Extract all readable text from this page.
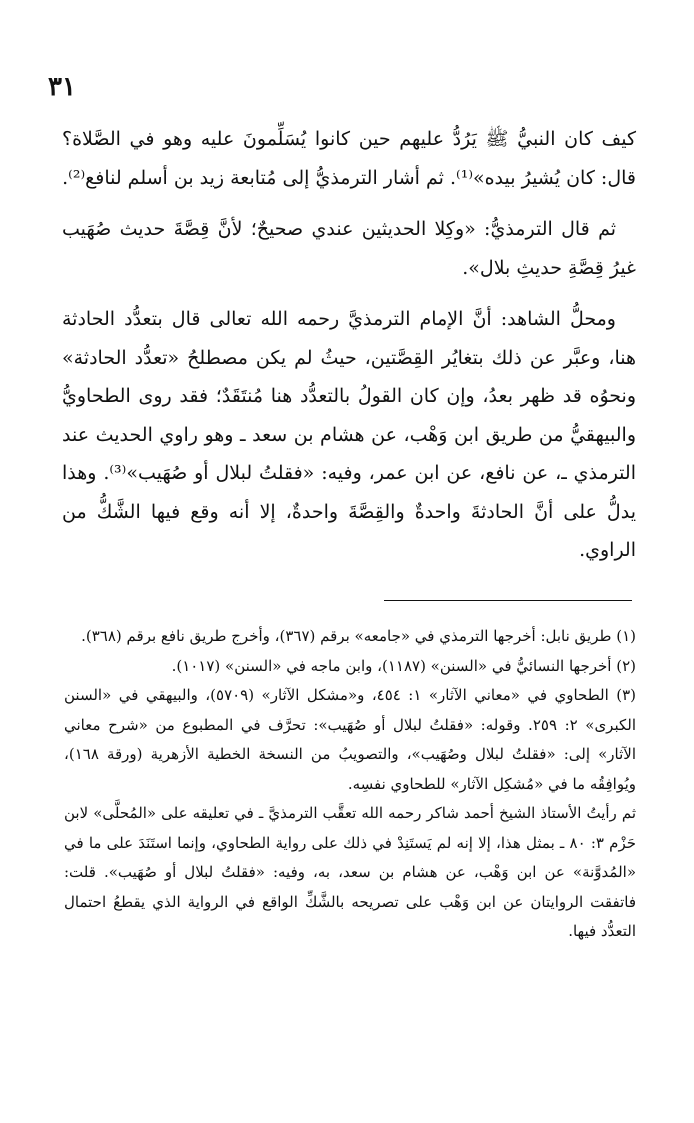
٣١

كيف كان النبيُّ ﷺ يَرُدُّ عليهم حين كانوا يُسَلِّمونَ عليه وهو في الصَّلاة؟ قال: كان يُشيرُ بيده»⁽¹⁾. ثم أشار الترمذيُّ إلى مُتابعة زيد بن أسلم لنافع⁽²⁾.

ثم قال الترمذيُّ: «وكِلا الحديثين عندي صحيحٌ؛ لأنَّ قِصَّةَ حديث صُهَيب غيرُ قِصَّةِ حديثِ بلال».

ومحلُّ الشاهد: أنَّ الإمام الترمذيَّ رحمه الله تعالى قال بتعدُّد الحادثة هنا، وعبَّر عن ذلك بتغايُر القِصَّتين، حيثُ لم يكن مصطلحُ «تعدُّد الحادثة» ونحوُه قد ظهر بعدُ، وإن كان القولُ بالتعدُّد هنا مُنتَقَدٌ؛ فقد روى الطحاويُّ والبيهقيُّ من طريق ابن وَهْب، عن هشام بن سعد ـ وهو راوي الحديث عند الترمذي ـ، عن نافع، عن ابن عمر، وفيه: «فقلتُ لبلال أو صُهَيب»⁽³⁾. وهذا يدلُّ على أنَّ الحادثةَ واحدةٌ والقِصَّةَ واحدةٌ، إلا أنه وقع فيها الشَّكُّ من الراوي.

(١) طريق نابل: أخرجها الترمذي في «جامعه» برقم (٣٦٧)، وأخرج طريق نافع برقم (٣٦٨).

(٢) أخرجها النسائيُّ في «السنن» (١١٨٧)، وابن ماجه في «السنن» (١٠١٧).

(٣) الطحاوي في «معاني الآثار» ١: ٤٥٤، و«مشكل الآثار» (٥٧٠٩)، والبيهقي في «السنن الكبرى» ٢: ٢٥٩. وقوله: «فقلتُ لبلال أو صُهَيب»: تحرَّف في المطبوع من «شرح معاني الآثار» إلى: «فقلتُ لبلال وصُهَيب»، والتصويبُ من النسخة الخطية الأزهرية (ورقة ١٦٨)، ويُوافِقُه ما في «مُشكِل الآثار» للطحاوي نفسِه.

ثم رأيتُ الأستاذ الشيخ أحمد شاكر رحمه الله تعقَّب الترمذيَّ ـ في تعليقه على «المُحلَّى» لابن حَزْم ٣: ٨٠ ـ بمثل هذا، إلا إنه لم يَستَنِدْ في ذلك على رواية الطحاوي، وإنما استَنَدَ على ما في «المُدوَّنة» عن ابن وَهْب، عن هشام بن سعد، به، وفيه: «فقلتُ لبلال أو صُهَيب». قلت: فاتفقت الروايتان عن ابن وَهْب على تصريحه بالشَّكِّ الواقع في الرواية الذي يقطعُ احتمال التعدُّد فيها.
